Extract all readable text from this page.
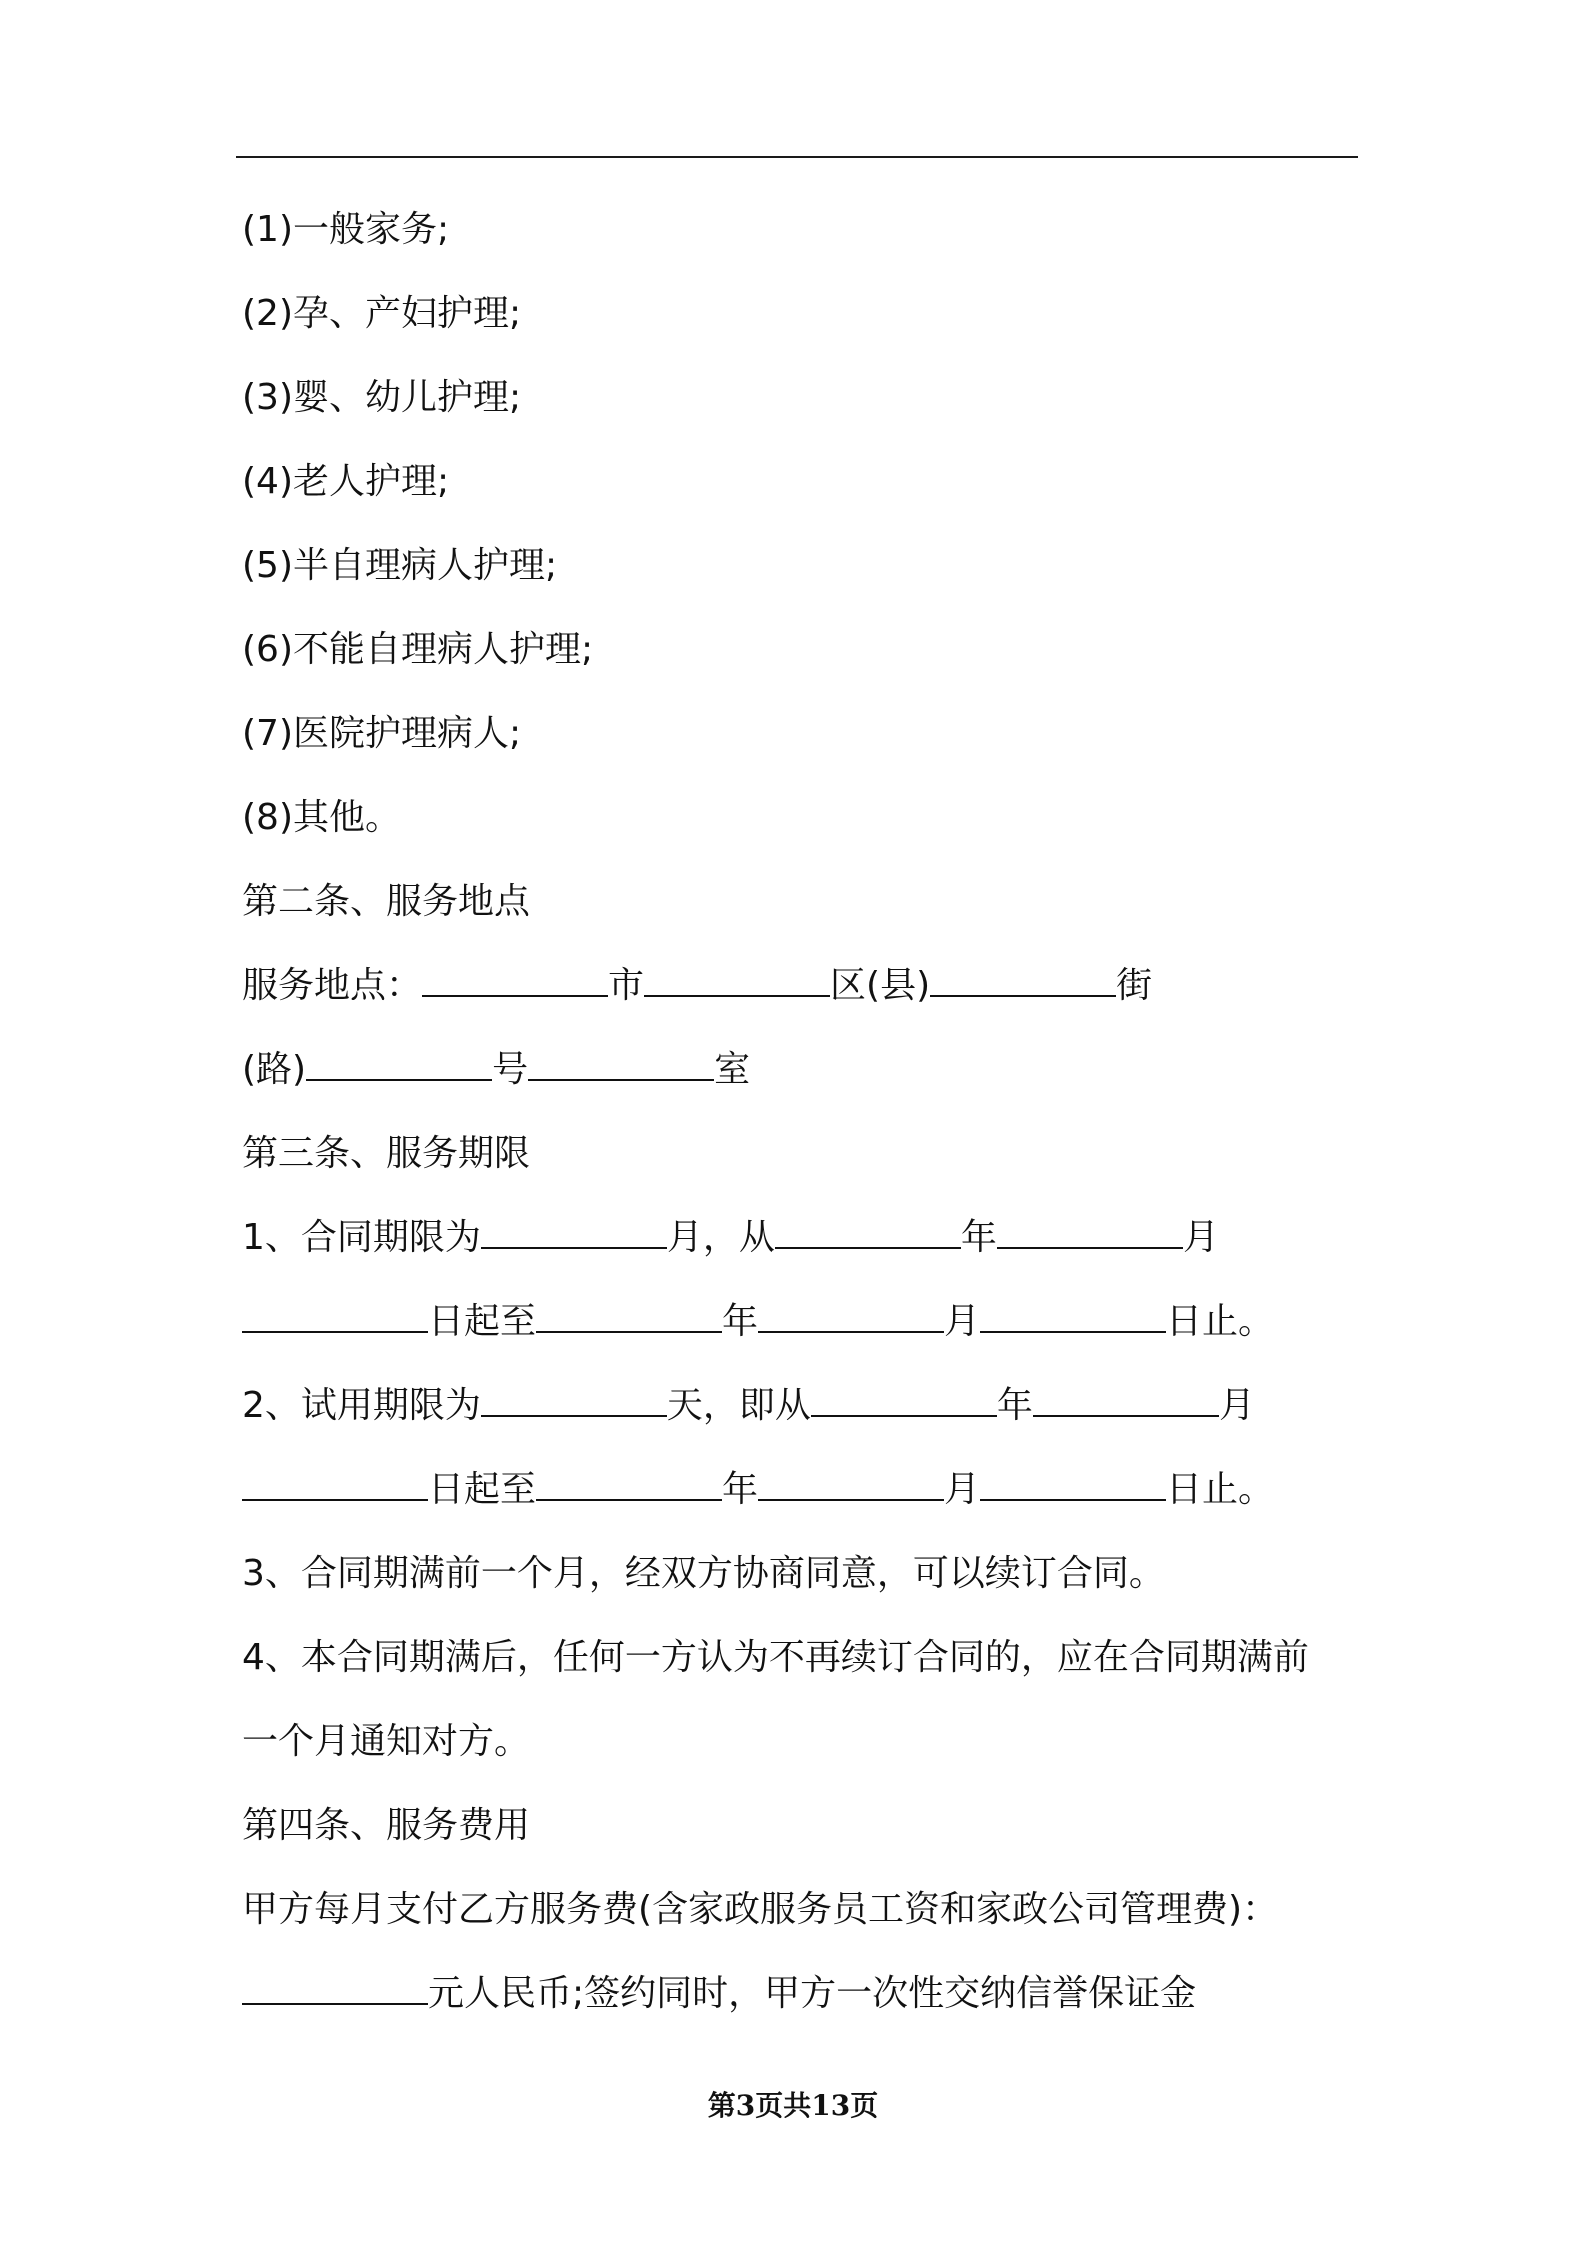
(1)一般家务;
(2)孕、产妇护理;
(3)婴、幼儿护理;
(4)老人护理;
(5)半自理病人护理;
(6)不能自理病人护理;
(7)医院护理病人;
(8)其他。
第二条、服务地点
服务地点：	市	区(县)	街
(路)	号	室
第三条、服务期限
1、合同期限为	月，从	年	月
日起至	年	月	日止。
2、试用期限为	天，即从	年	月
日起至	年	月	日止。
3、合同期满前一个月，经双方协商同意，可以续订合同。
4、本合同期满后，任何一方认为不再续订合同的，应在合同期满前
一个月通知对方。
第四条、服务费用
甲方每月支付乙方服务费(含家政服务员工资和家政公司管理费)：
元人民币;签约同时，甲方一次性交纳信誉保证金
第3页共13页
